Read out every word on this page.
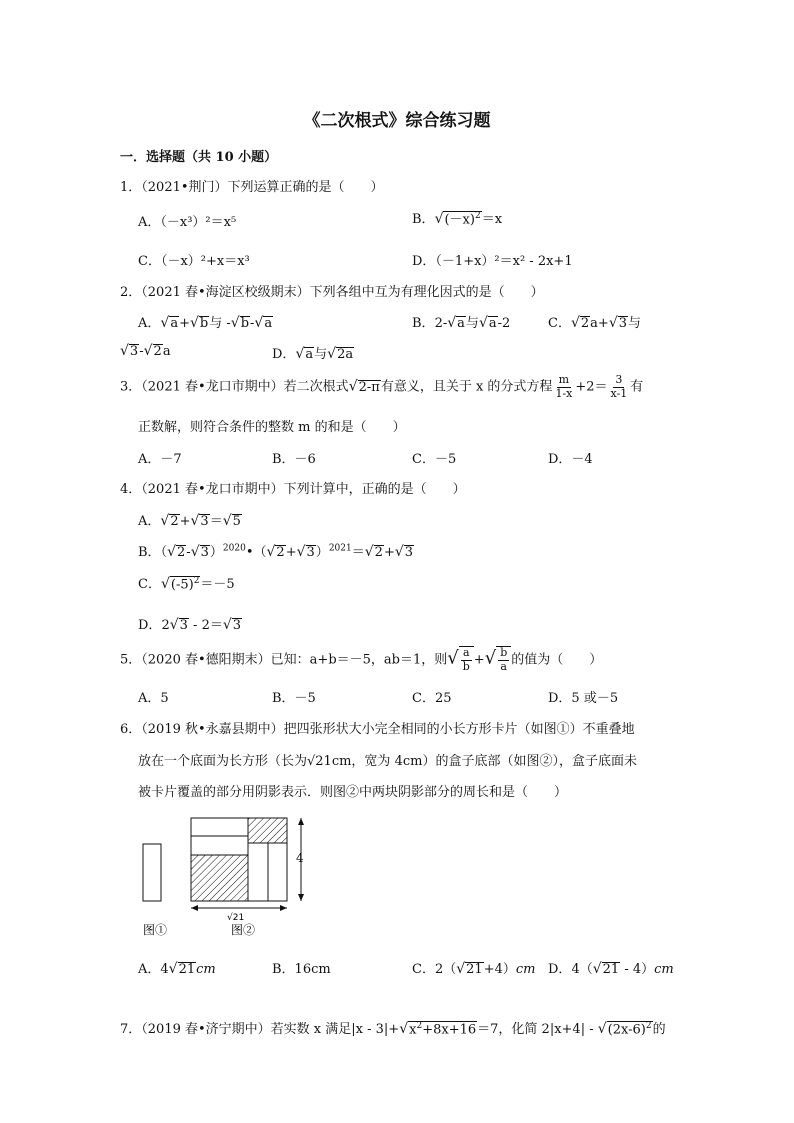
《二次根式》综合练习题
一．选择题（共 10 小题）
1．（2021•荆门）下列运算正确的是（　　）
A．（－x³）²＝x⁵	B．$√(-x)^2=x$
C．（－x）²+x＝x³	D．（－1+x）²＝x² - 2x+1
2．（2021 春•海淀区校级期末）下列各组中互为有理化因式的是（　　）
A．√a+√b与 -√b-√a	B．2-√a与√a-2	C．√2a+√3与
√3-√2a	D．√a与√2a
3．（2021 春•龙口市期中）若二次根式√2-π有意义，且关于 x 的分式方程 $\frac{m}{1-x} +2= \frac{3}{x-1}$ 有
正数解，则符合条件的整数 m 的和是（　　）
A．－7	B．－6	C．－5	D．－4
4．（2021 春•龙口市期中）下列计算中，正确的是（　　）
A．√2+√3＝√5
B．$(√2-√3)^{2020}•(√2+√3)^{2021}=√2+√3$
C．$√(-5)^2=-5$
D．2√3 - 2＝√3
5．（2020 春•德阳期末）已知：a+b＝－5，ab＝1，则√ $\frac{a}{b}$ +√ $\frac{b}{a}$ 的值为（　　）
A．5	B．－5	C．25	D．5 或－5
6．（2019 秋•永嘉县期中）把四张形状大小完全相同的小长方形卡片（如图①）不重叠地
放在一个底面为长方形（长为√21cm，宽为 4cm）的盒子底部（如图②），盒子底面未
被卡片覆盖的部分用阴影表示．则图②中两块阴影部分的周长和是（　　）
4
√21
图①	图②
A．4√21cm	B．16cm	C．2（√21+4）cm D．4（√21 - 4）cm
7．（2019 春•济宁期中）若实数 x 满足$|x - 3|+√x^2+8x+16=7$，化简 $2|x+4| - √(2x-6)^2$的
